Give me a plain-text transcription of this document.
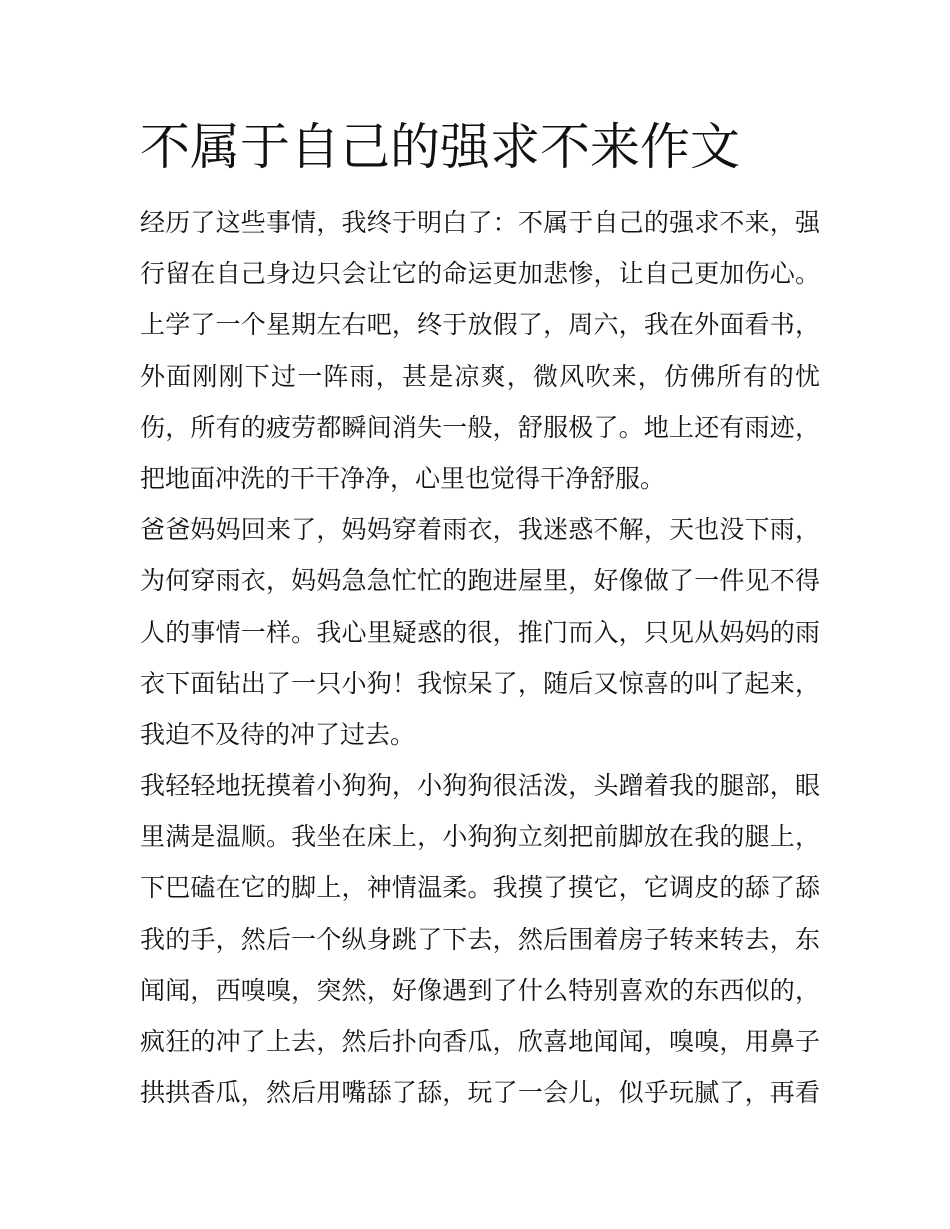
不属于自己的强求不来作文
经历了这些事情，我终于明白了：不属于自己的强求不来，强
行留在自己身边只会让它的命运更加悲惨，让自己更加伤心。
上学了一个星期左右吧，终于放假了，周六，我在外面看书，
外面刚刚下过一阵雨，甚是凉爽，微风吹来，仿佛所有的忧
伤，所有的疲劳都瞬间消失一般，舒服极了。地上还有雨迹，
把地面冲洗的干干净净，心里也觉得干净舒服。
爸爸妈妈回来了，妈妈穿着雨衣，我迷惑不解，天也没下雨，
为何穿雨衣，妈妈急急忙忙的跑进屋里，好像做了一件见不得
人的事情一样。我心里疑惑的很，推门而入，只见从妈妈的雨
衣下面钻出了一只小狗！我惊呆了，随后又惊喜的叫了起来，
我迫不及待的冲了过去。
我轻轻地抚摸着小狗狗，小狗狗很活泼，头蹭着我的腿部，眼
里满是温顺。我坐在床上，小狗狗立刻把前脚放在我的腿上，
下巴磕在它的脚上，神情温柔。我摸了摸它，它调皮的舔了舔
我的手，然后一个纵身跳了下去，然后围着房子转来转去，东
闻闻，西嗅嗅，突然，好像遇到了什么特别喜欢的东西似的，
疯狂的冲了上去，然后扑向香瓜，欣喜地闻闻，嗅嗅，用鼻子
拱拱香瓜，然后用嘴舔了舔，玩了一会儿，似乎玩腻了，再看
